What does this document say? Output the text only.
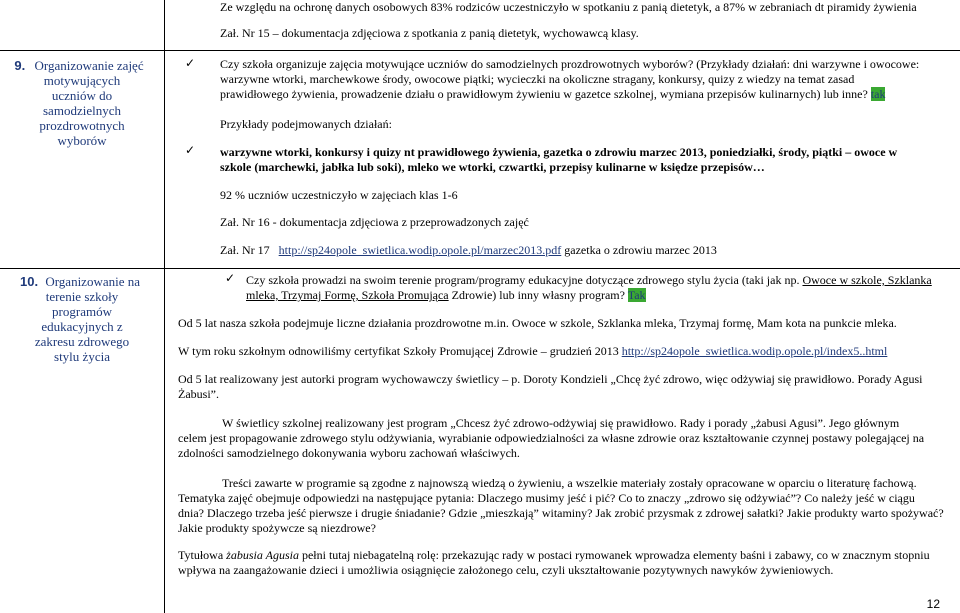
Ze względu na ochronę danych osobowych 83% rodziców uczestniczyło w spotkaniu z panią dietetyk, a 87% w zebraniach dt piramidy żywienia
Zał. Nr 15 – dokumentacja zdjęciowa z spotkania z panią dietetyk, wychowawcą klasy.
9. Organizowanie zajęć
motywujących
uczniów do
samodzielnych
prozdrowotnych
wyborów
✓ Czy szkoła organizuje zajęcia motywujące uczniów do samodzielnych prozdrowotnych wyborów? (Przykłady działań: dni warzywne i owocowe:
warzywne wtorki, marchewkowe środy, owocowe piątki; wycieczki na okoliczne straganу, konkursy, quizy z wiedzy na temat zasad
prawidłowego żywienia, prowadzenie działu o prawidłowym żywieniu w gazetce szkolnej, wymiana przepisów kulinarnych) lub inne? tak
Przykłady podejmowanych działań:
✓ warzywne wtorki, konkursy i quizy nt prawidłowego żywienia, gazetka o zdrowiu marzec 2013, poniedziałki, środy, piątki – owoce w
szkole (marchewki, jabłka lub soki), mleko we wtorki, czwartki, przepisy kulinarne w księdze przepisów…
92 % uczniów uczestniczyło w zajęciach klas 1-6
Zał. Nr 16 - dokumentacja zdjęciowa z przeprowadzonych zajęć
Zał. Nr 17 http://sp24opole_swietlica.wodip.opole.pl/marzec2013.pdf gazetka o zdrowiu marzec 2013
10. Organizowanie na
terenie szkoły
programów
edukacyjnych z
zakresu zdrowego
stylu życia
✓ Czy szkoła prowadzi na swoim terenie program/programy edukacyjne dotyczące zdrowego stylu życia (taki jak np. Owoce w szkole, Szklanka
mleka, Trzymaj Formę, Szkoła Promująca Zdrowie) lub inny własny program? Tak
Od 5 lat nasza szkoła podejmuje liczne działania prozdrowotne m.in. Owoce w szkole, Szklanka mleka, Trzymaj formę, Mam kota na punkcie mleka.
W tym roku szkołnym odnowiliśmy certyfikat Szkoły Promującej Zdrowie – grudzień 2013 http://sp24opole_swietlica.wodip.opole.pl/index5..html
Od 5 lat realizowany jest autorki program wychowawczy świetlicy – p. Doroty Kondzieli „Chcę żyć zdrowo, więc odżywiaj się prawidłowo. Porady Agusi
Żabusi”.
W świetlicy szkolnej realizowany jest program „Chcesz żyć zdrowo-odżywiaj się prawidłowo. Rady i porady „żabusi Agusi”. Jego głównym
celem jest propagowanie zdrowego stylu odżywiania, wyrabianie odpowiedzialności za własne zdrowie oraz kształtowanie czynnej postawy polegającej na
zdolności samodzielnego dokonywania wyboru zachowań właściwych.
Treści zawarte w programie są zgodne z najnowszą wiedzą o żywieniu, a wszelkie materiały zostały opracowane w oparciu o literaturę fachową.
Tematyka zajęć obejmuje odpowiedzi na następujące pytania: Dlaczego musimy jeść i pić? Co to znaczy „zdrowo się odżywiać”? Co należy jeść w ciągu
dnia? Dlaczego trzeba jeść pierwsze i drugie śniadanie? Gdzie „mieszkają” witaminy? Jak zrobić przysmak z zdrowej sałatki? Jakie produkty warto spożywać?
Jakie produkty spożywcze są niezdrowe?
Tytułowa żabusia Agusia pełni tutaj niebagatelną rolę: przekazując rady w postaci rymowanek wprowadza elementy baśni i zabawy, co w znacznym stopniu
wpływa na zaangażowanie dzieci i umożliwia osiągnięcie założonego celu, czyli ukształtowanie pozytywnych nawyków żywieniowych.
12
